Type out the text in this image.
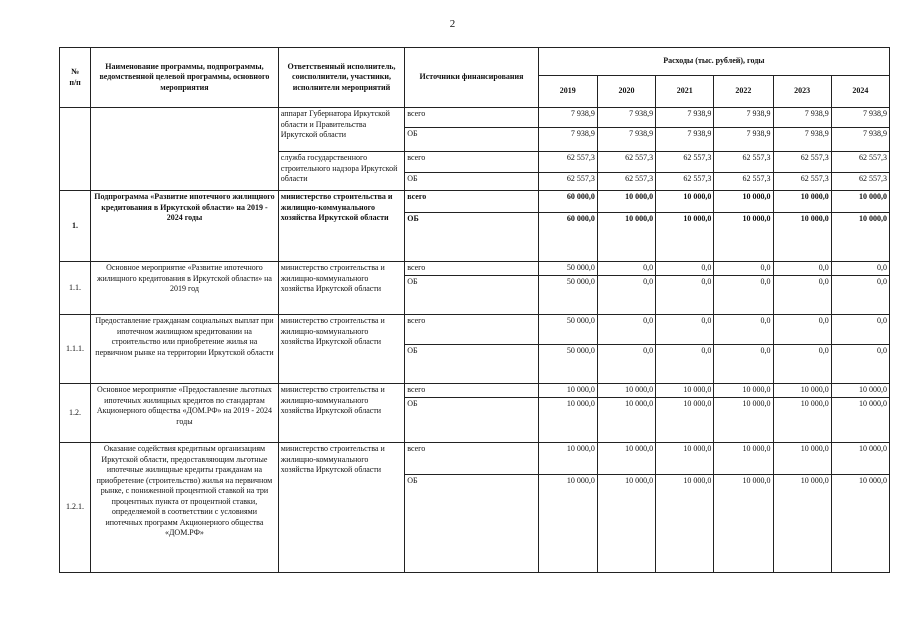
2
№
п/п	Наименование программы, подпрограммы, ведомственной целевой программы, основного мероприятия	Ответственный исполнитель, соисполнители, участники, исполнители мероприятий	Источники финансирования	Расходы (тыс. рублей), годы					
				2019	2020	2021	2022	2023	2024
		аппарат Губернатора Иркутской области и Правительства Иркутской области	всего	7 938,9	7 938,9	7 938,9	7 938,9	7 938,9	7 938,9
			ОБ	7 938,9	7 938,9	7 938,9	7 938,9	7 938,9	7 938,9
		служба государственного строительного надзора Иркутской области	всего	62 557,3	62 557,3	62 557,3	62 557,3	62 557,3	62 557,3
			ОБ	62 557,3	62 557,3	62 557,3	62 557,3	62 557,3	62 557,3
1.	Подпрограмма «Развитие ипотечного жилищного кредитования в Иркутской области» на 2019 - 2024 годы	министерство строительства и жилищно-коммунального хозяйства Иркутской области	всего	60 000,0	10 000,0	10 000,0	10 000,0	10 000,0	10 000,0
			ОБ	60 000,0	10 000,0	10 000,0	10 000,0	10 000,0	10 000,0
1.1.	Основное мероприятие «Развитие ипотечного жилищного кредитования в Иркутской области» на 2019 год	министерство строительства и жилищно-коммунального хозяйства Иркутской области	всего	50 000,0	0,0	0,0	0,0	0,0	0,0
			ОБ	50 000,0	0,0	0,0	0,0	0,0	0,0
1.1.1.	Предоставление гражданам социальных выплат при ипотечном жилищном кредитовании на строительство или приобретение жилья на первичном рынке на территории Иркутской области	министерство строительства и жилищно-коммунального хозяйства Иркутской области	всего	50 000,0	0,0	0,0	0,0	0,0	0,0
			ОБ	50 000,0	0,0	0,0	0,0	0,0	0,0
1.2.	Основное мероприятие «Предоставление льготных ипотечных жилищных кредитов по стандартам Акционерного общества «ДОМ.РФ» на 2019 - 2024 годы	министерство строительства и жилищно-коммунального хозяйства Иркутской области	всего	10 000,0	10 000,0	10 000,0	10 000,0	10 000,0	10 000,0
			ОБ	10 000,0	10 000,0	10 000,0	10 000,0	10 000,0	10 000,0
1.2.1.	Оказание содействия кредитным организациям Иркутской области, предоставляющим льготные ипотечные жилищные кредиты гражданам на приобретение (строительство) жилья на первичном рынке, с пониженной процентной ставкой на три процентных пункта от процентной ставки, определяемой в соответствии с условиями ипотечных программ Акционерного общества «ДОМ.РФ»	министерство строительства и жилищно-коммунального хозяйства Иркутской области	всего	10 000,0	10 000,0	10 000,0	10 000,0	10 000,0	10 000,0
			ОБ	10 000,0	10 000,0	10 000,0	10 000,0	10 000,0	10 000,0
